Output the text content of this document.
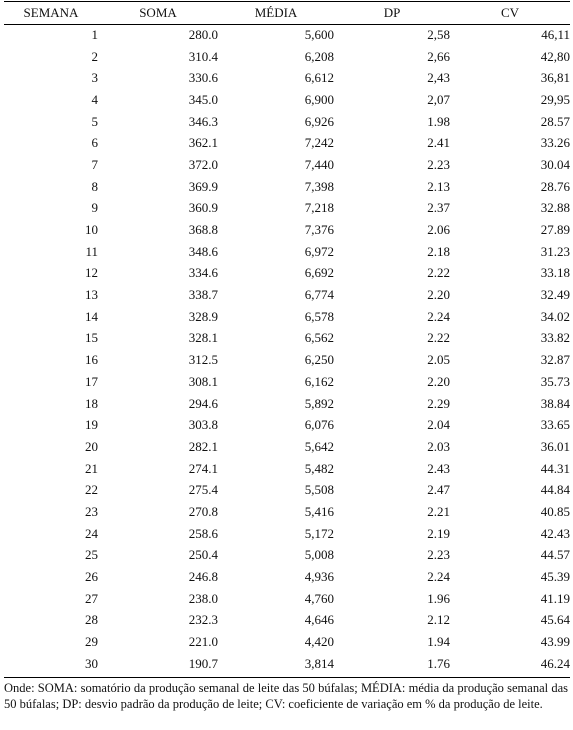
SEMANA	SOMA	MÉDIA	DP	CV
1	280.0	5,600	2,58	46,11
2	310.4	6,208	2,66	42,80
3	330.6	6,612	2,43	36,81
4	345.0	6,900	2,07	29,95
5	346.3	6,926	1.98	28.57
6	362.1	7,242	2.41	33.26
7	372.0	7,440	2.23	30.04
8	369.9	7,398	2.13	28.76
9	360.9	7,218	2.37	32.88
10	368.8	7,376	2.06	27.89
11	348.6	6,972	2.18	31.23
12	334.6	6,692	2.22	33.18
13	338.7	6,774	2.20	32.49
14	328.9	6,578	2.24	34.02
15	328.1	6,562	2.22	33.82
16	312.5	6,250	2.05	32.87
17	308.1	6,162	2.20	35.73
18	294.6	5,892	2.29	38.84
19	303.8	6,076	2.04	33.65
20	282.1	5,642	2.03	36.01
21	274.1	5,482	2.43	44.31
22	275.4	5,508	2.47	44.84
23	270.8	5,416	2.21	40.85
24	258.6	5,172	2.19	42.43
25	250.4	5,008	2.23	44.57
26	246.8	4,936	2.24	45.39
27	238.0	4,760	1.96	41.19
28	232.3	4,646	2.12	45.64
29	221.0	4,420	1.94	43.99
30	190.7	3,814	1.76	46.24
Onde: SOMA: somatório da produção semanal de leite das 50 búfalas; MÉDIA: média da produção semanal das 50 búfalas; DP: desvio padrão da produção de leite; CV: coeficiente de variação em % da produção de leite.
